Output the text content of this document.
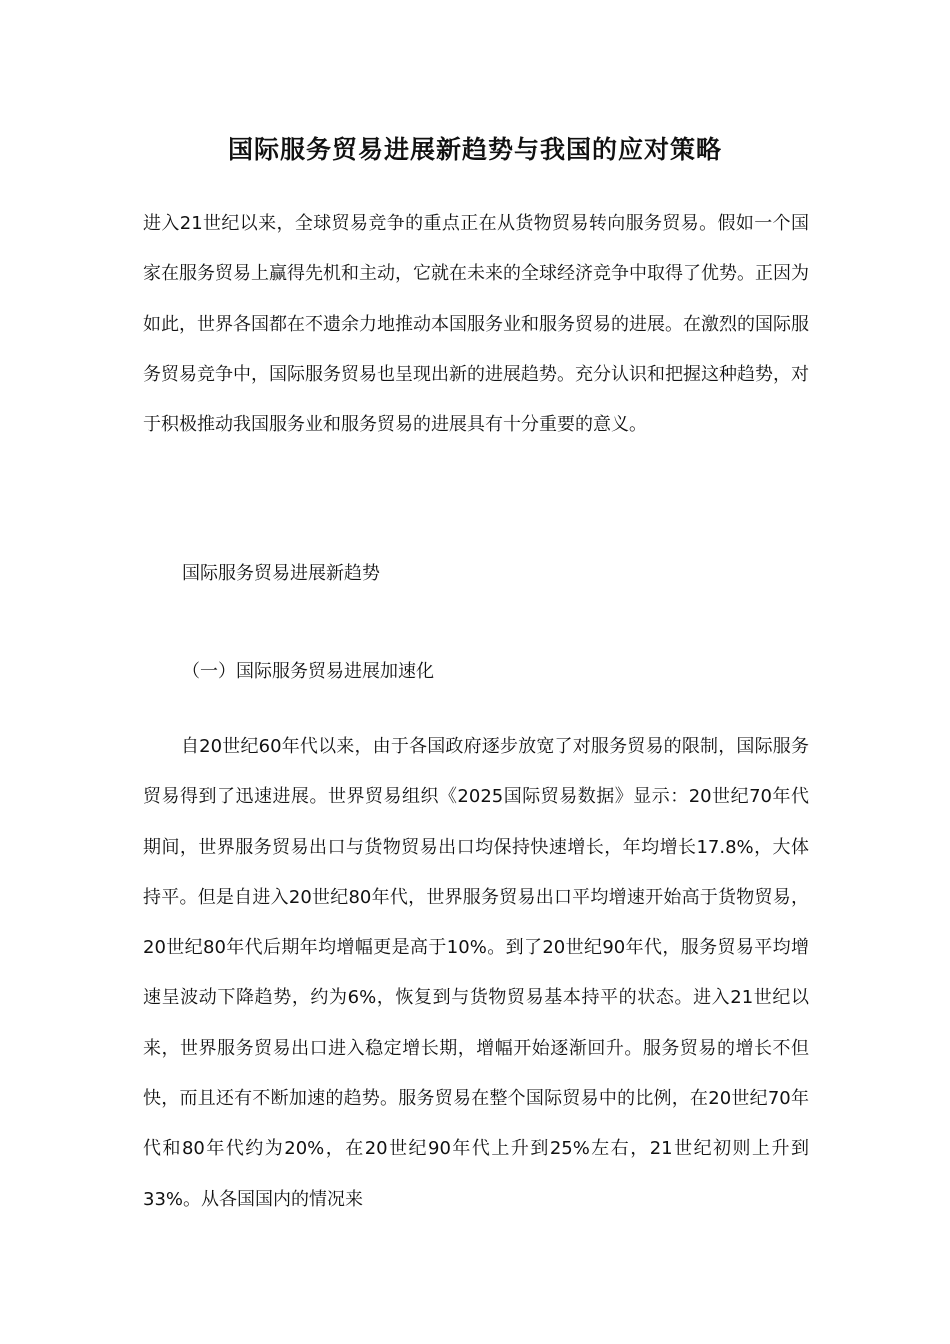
国际服务贸易进展新趋势与我国的应对策略

进入21世纪以来，全球贸易竞争的重点正在从货物贸易转向服务贸易。假如一个国家在服务贸易上赢得先机和主动，它就在未来的全球经济竞争中取得了优势。正因为如此，世界各国都在不遗余力地推动本国服务业和服务贸易的进展。在激烈的国际服务贸易竞争中，国际服务贸易也呈现出新的进展趋势。充分认识和把握这种趋势，对于积极推动我国服务业和服务贸易的进展具有十分重要的意义。

国际服务贸易进展新趋势
（一）国际服务贸易进展加速化

自20世纪60年代以来，由于各国政府逐步放宽了对服务贸易的限制，国际服务贸易得到了迅速进展。世界贸易组织《2025国际贸易数据》显示：20世纪70年代期间，世界服务贸易出口与货物贸易出口均保持快速增长，年均增长17.8%，大体持平。但是自进入20世纪80年代，世界服务贸易出口平均增速开始高于货物贸易，20世纪80年代后期年均增幅更是高于10%。到了20世纪90年代，服务贸易平均增速呈波动下降趋势，约为6%，恢复到与货物贸易基本持平的状态。进入21世纪以来，世界服务贸易出口进入稳定增长期，增幅开始逐渐回升。服务贸易的增长不但快，而且还有不断加速的趋势。服务贸易在整个国际贸易中的比例，在20世纪70年代和80年代约为20%，在20世纪90年代上升到25%左右，21世纪初则上升到33%。从各国国内的情况来
